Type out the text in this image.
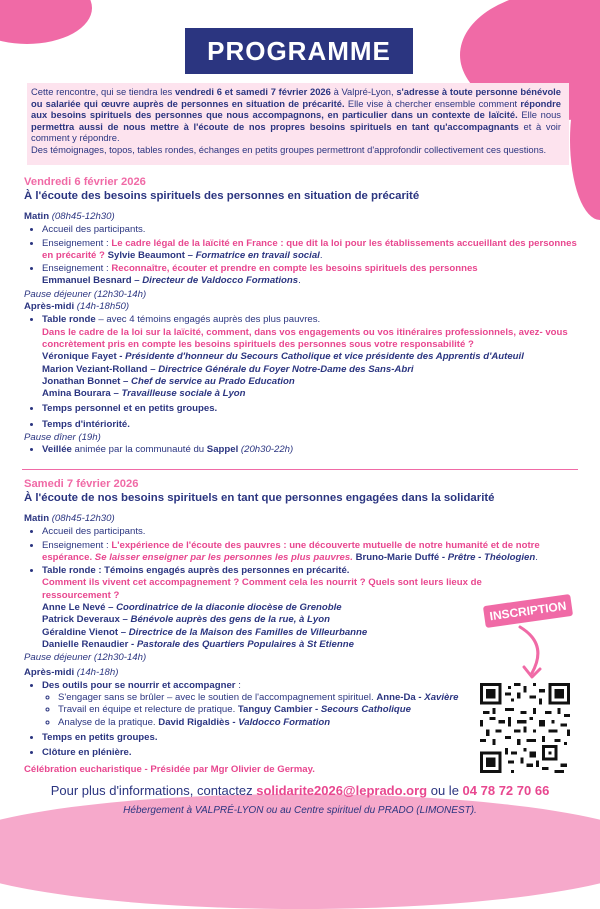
PROGRAMME
Cette rencontre, qui se tiendra les vendredi 6 et samedi 7 février 2026 à Valpré-Lyon, s'adresse à toute personne bénévole ou salariée qui œuvre auprès de personnes en situation de précarité. Elle vise à chercher ensemble comment répondre aux besoins spirituels des personnes que nous accompagnons, en particulier dans un contexte de laïcité. Elle nous permettra aussi de nous mettre à l'écoute de nos propres besoins spirituels en tant qu'accompagnants et à voir comment y répondre.
Des témoignages, topos, tables rondes, échanges en petits groupes permettront d'approfondir collectivement ces questions.
Vendredi 6 février 2026
À l'écoute des besoins spirituels des personnes en situation de précarité
Matin (08h45-12h30)
• Accueil des participants.
• Enseignement : Le cadre légal de la laïcité en France : que dit la loi pour les établissements accueillant des personnes en précarité ? Sylvie Beaumont – Formatrice en travail social.
• Enseignement : Reconnaître, écouter et prendre en compte les besoins spirituels des personnes
Emmanuel Besnard – Directeur de Valdocco Formations.
Pause déjeuner (12h30-14h)
Après-midi (14h-18h50)
• Table ronde – avec 4 témoins engagés auprès des plus pauvres.
Dans le cadre de la loi sur la laïcité, comment, dans vos engagements ou vos itinéraires professionnels, avez- vous concrètement pris en compte les besoins spirituels des personnes sous votre responsabilité ?
Véronique Fayet - Présidente d'honneur du Secours Catholique et vice présidente des Apprentis d'Auteuil
Marion Veziant-Rolland – Directrice Générale du Foyer Notre-Dame des Sans-Abri
Jonathan Bonnet – Chef de service au Prado Education
Amina Bourara – Travailleuse sociale à Lyon
• Temps personnel et en petits groupes.
• Temps d'intériorité.
Pause dîner (19h)
• Veillée animée par la communauté du Sappel (20h30-22h)
Samedi 7 février 2026
À l'écoute de nos besoins spirituels en tant que personnes engagées dans la solidarité
Matin (08h45-12h30)
• Accueil des participants.
• Enseignement : L'expérience de l'écoute des pauvres : une découverte mutuelle de notre humanité et de notre espérance. Se laisser enseigner par les personnes les plus pauvres. Bruno-Marie Duffé - Prêtre - Théologien.
• Table ronde : Témoins engagés auprès des personnes en précarité.
Comment ils vivent cet accompagnement ? Comment cela les nourrit ? Quels sont leurs lieux de ressourcement ?
Anne Le Nevé – Coordinatrice de la diaconie diocèse de Grenoble
Patrick Deveraux – Bénévole auprès des gens de la rue, à Lyon
Géraldine Vienot – Directrice de la Maison des Familles de Villeurbanne
Danielle Renaudier - Pastorale des Quartiers Populaires à St Etienne
Pause déjeuner (12h30-14h)
Après-midi (14h-18h)
• Des outils pour se nourrir et accompagner :
◦ S'engager sans se brûler – avec le soutien de l'accompagnement spirituel. Anne-Da - Xavière
◦ Travail en équipe et relecture de pratique. Tanguy Cambier - Secours Catholique
◦ Analyse de la pratique. David Rigaldiès - Valdocco Formation
• Temps en petits groupes.
• Clôture en plénière.
Célébration eucharistique - Présidée par Mgr Olivier de Germay.
INSCRIPTION
Pour plus d'informations, contactez solidarite2026@leprado.org ou le 04 78 72 70 66
Hébergement à VALPRÉ-LYON ou au Centre spirituel du PRADO (LIMONEST).
